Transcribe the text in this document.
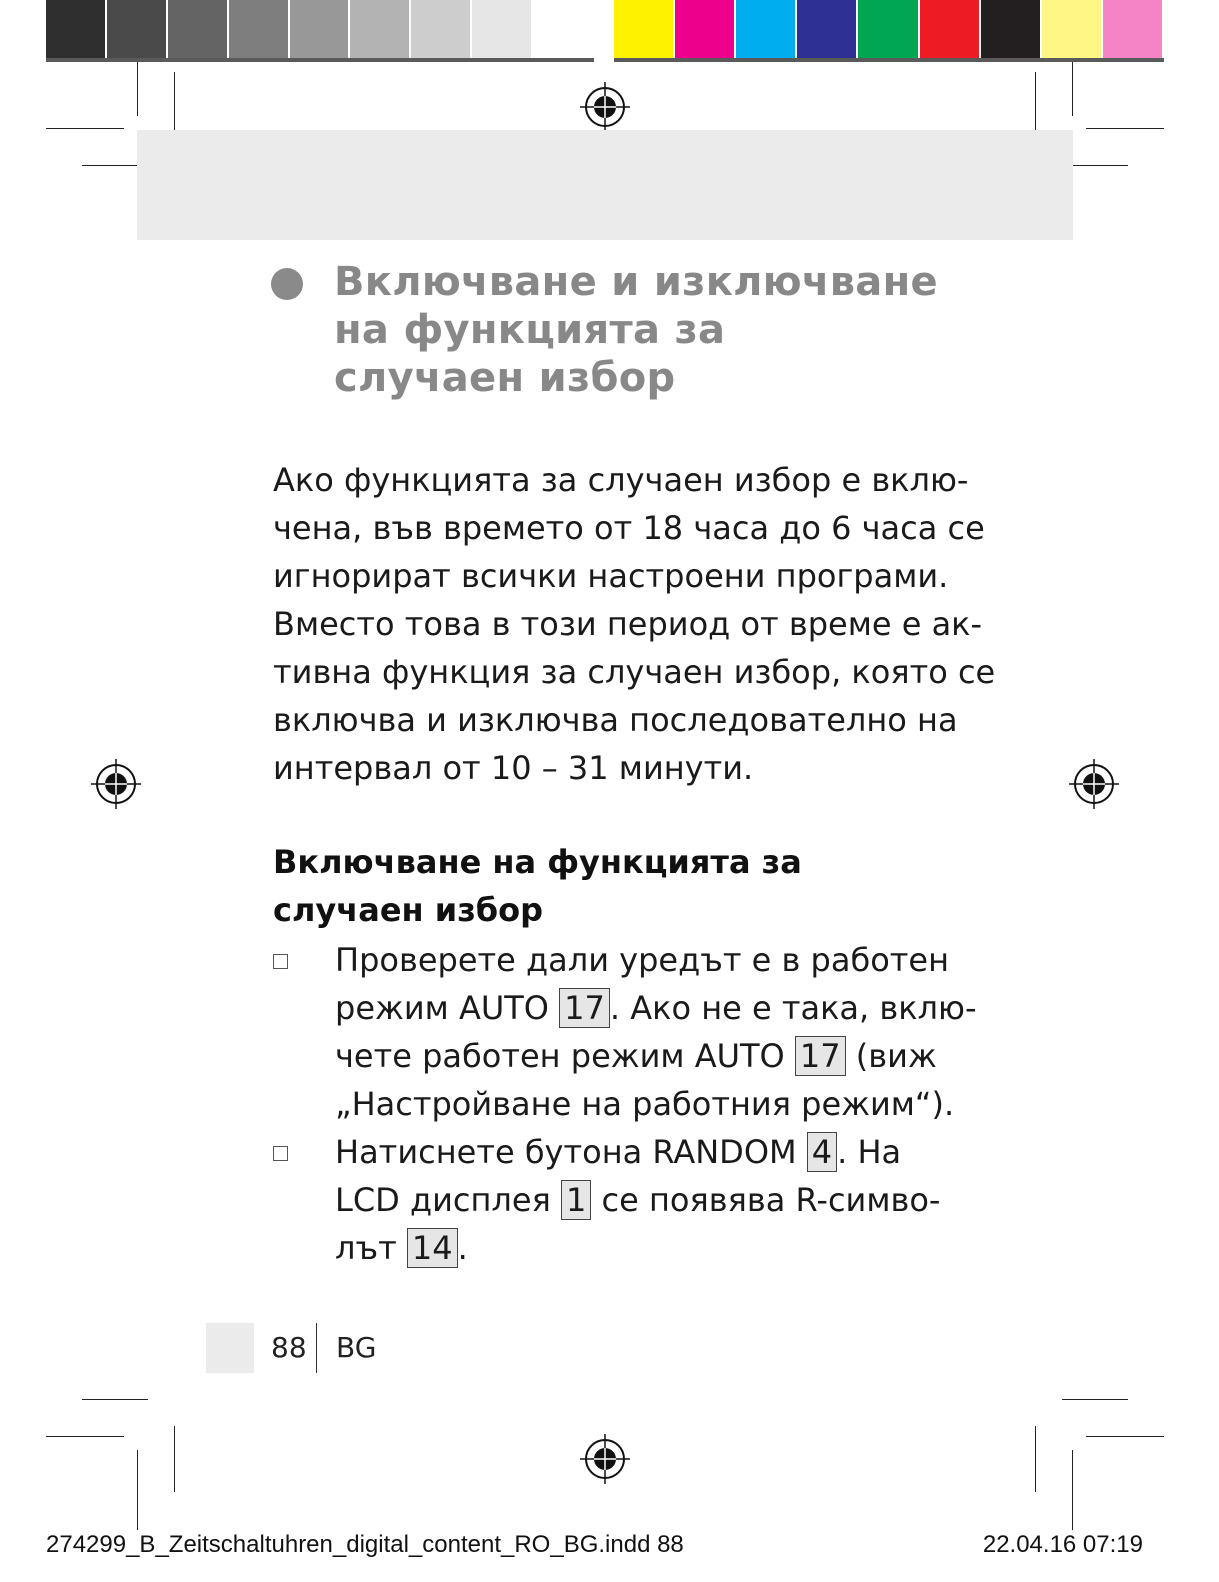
Включване и изключване
на функцията за
случаен избор

Ако функцията за случаен избор е вклю-
чена, във времето от 18 часа до 6 часа се
игнорират всички настроени програми.
Вместо това в този период от време е ак-
тивна функция за случаен избор, която се
включва и изключва последователно на
интервал от 10 – 31 минути.

Включване на функцията за
случаен избор
Проверете дали уредът е в работен
режим AUTO 17 . Ако не е така, вклю-
чете работен режим AUTO 17 (виж
„Настройване на работния режим“).
Натиснете бутона RANDOM 4 . На
LCD дисплея 1 се появява R-симво-
лът 14 .
88 BG
274299_B_Zeitschaltuhren_digital_content_RO_BG.indd 88	22.04.16 07:19
